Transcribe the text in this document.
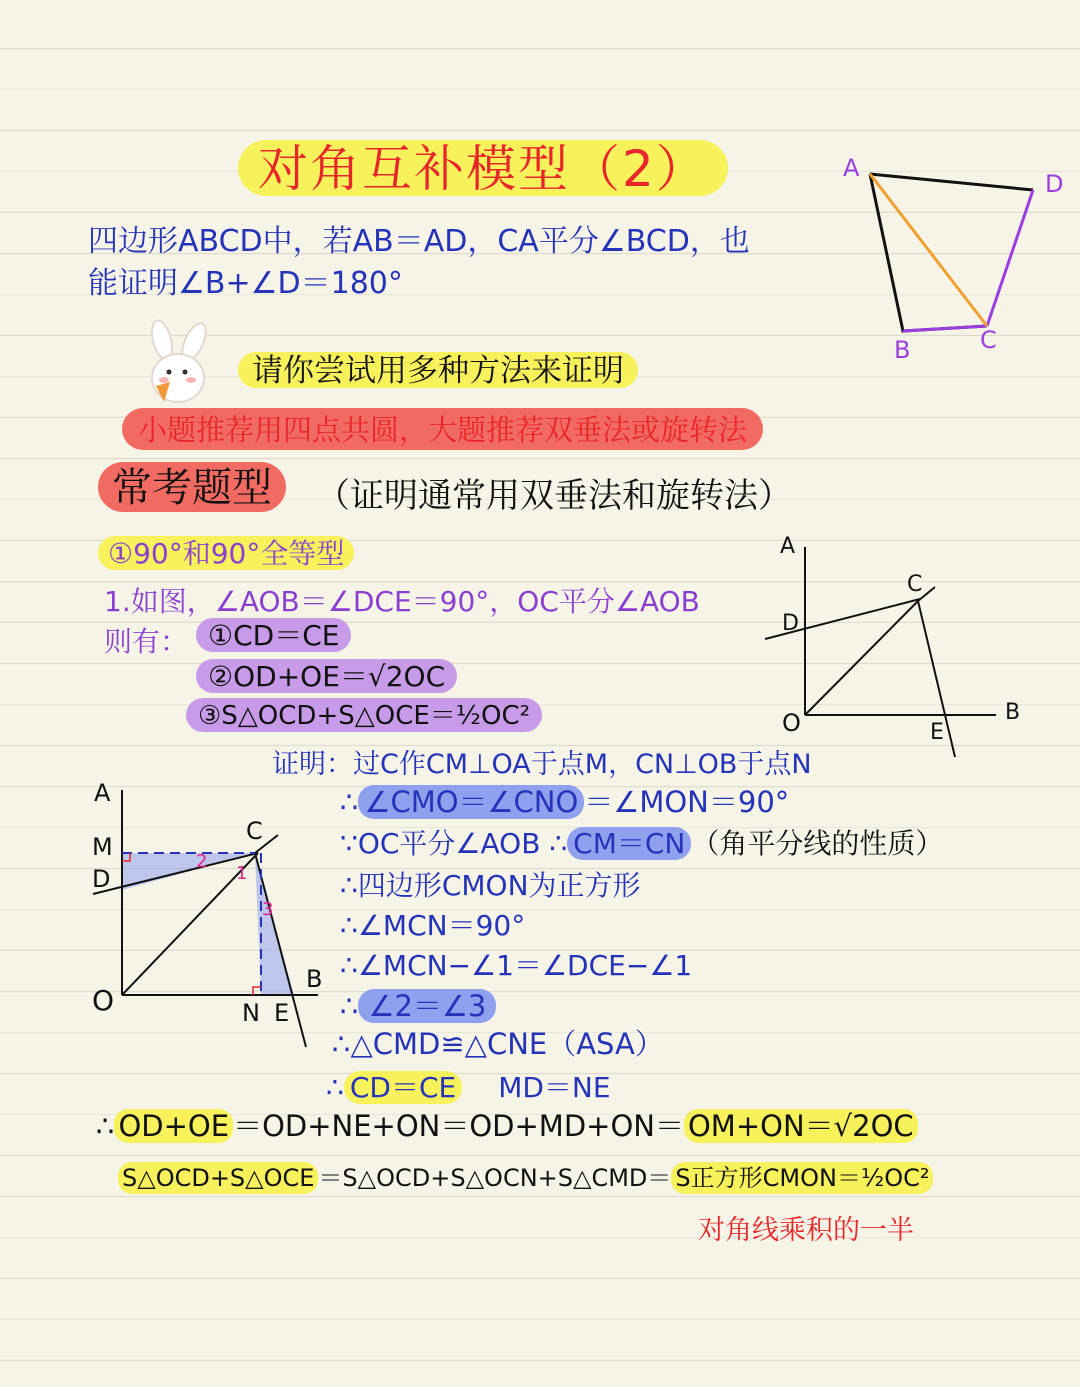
对角互补模型（2）
四边形ABCD中，若AB＝AD，CA平分∠BCD，也
能证明∠B+∠D＝180°
A
D
B	C
请你尝试用多种方法来证明
小题推荐用四点共圆，大题推荐双垂法或旋转法
常考题型	（证明通常用双垂法和旋转法）
①90°和90°全等型
1.如图，∠AOB＝∠DCE＝90°，OC平分∠AOB
则有： ①CD＝CE
②OD+OE＝√2OC
③S△OCD+S△OCE＝½OC²
A
C
D
O	B
E
A
M
D
C
O	N E
B
1
2
3
证明：过C作CM⊥OA于点M，CN⊥OB于点N
∴ ∠CMO＝∠CNO ＝∠MON＝90°
∵OC平分∠AOB ∴ CM＝CN （角平分线的性质）
∴四边形CMON为正方形
∴∠MCN＝90°
∴∠MCN−∠1＝∠DCE−∠1
∴ ∠2＝∠3
∴△CMD≌△CNE（ASA）
∴ CD＝CE MD＝NE
∴ OD+OE ＝OD+NE+ON＝OD+MD+ON＝ OM+ON＝√2OC
S△OCD+S△OCE ＝S△OCD+S△OCN+S△CMD＝ S正方形CMON＝½OC²
对角线乘积的一半
